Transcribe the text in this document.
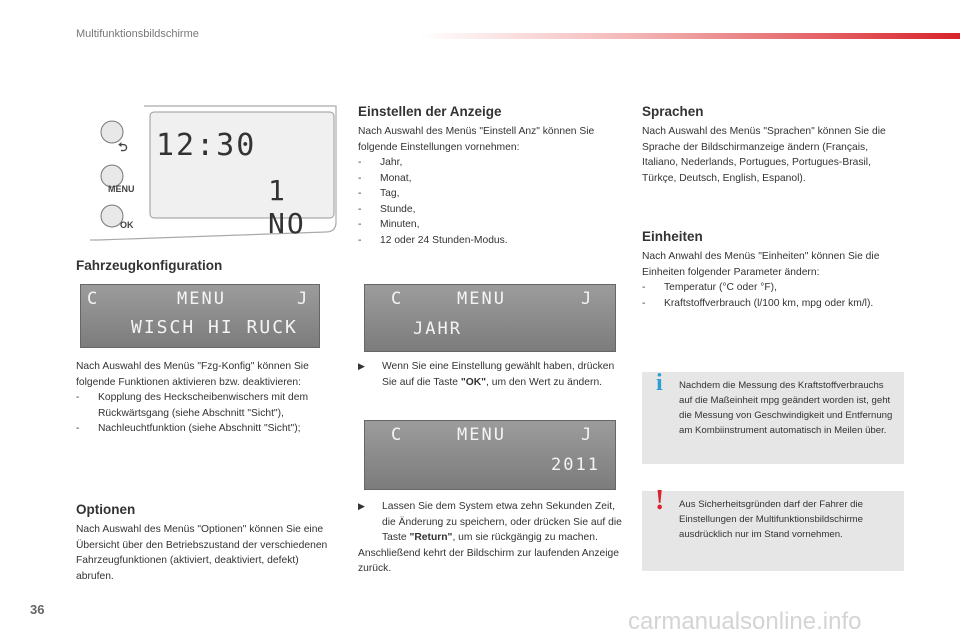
Multifunktionsbildschirme
⮌
MENU
OK
12:30
1 NO
Fahrzeugkonfiguration
C	MENU	J
WISCH HI RUCK
Nach Auswahl des Menüs "Fzg-Konfig" können Sie folgende Funktionen aktivieren bzw. deaktivieren:
- Kopplung des Heckscheibenwischers mit dem Rückwärtsgang (siehe Abschnitt "Sicht"),
- Nachleuchtfunktion (siehe Abschnitt "Sicht");
Optionen
Nach Auswahl des Menüs "Optionen" können Sie eine Übersicht über den Betriebszustand der verschiedenen Fahrzeugfunktionen (aktiviert, deaktiviert, defekt) abrufen.
Einstellen der Anzeige
Nach Auswahl des Menüs "Einstell Anz" können Sie folgende Einstellungen vornehmen:
- Jahr,
- Monat,
- Tag,
- Stunde,
- Minuten,
- 12 oder 24 Stunden-Modus.
C	MENU	J
JAHR
▶ Wenn Sie eine Einstellung gewählt haben, drücken Sie auf die Taste "OK", um den Wert zu ändern.
C	MENU	J
2011
▶ Lassen Sie dem System etwa zehn Sekunden Zeit, die Änderung zu speichern, oder drücken Sie auf die Taste "Return", um sie rückgängig zu machen.
Anschließend kehrt der Bildschirm zur laufenden Anzeige zurück.
Sprachen
Nach Auswahl des Menüs "Sprachen" können Sie die Sprache der Bildschirmanzeige ändern (Français, Italiano, Nederlands, Portugues, Portugues-Brasil, Türkçe, Deutsch, English, Espanol).
Einheiten
Nach Anwahl des Menüs "Einheiten" können Sie die Einheiten folgender Parameter ändern:
- Temperatur (°C oder °F),
- Kraftstoffverbrauch (l/100 km, mpg oder km/l).
i Nachdem die Messung des Kraftstoffverbrauchs auf die Maßeinheit mpg geändert worden ist, geht die Messung von Geschwindigkeit und Entfernung am Kombiinstrument automatisch in Meilen über.
! Aus Sicherheitsgründen darf der Fahrer die Einstellungen der Multifunktionsbildschirme ausdrücklich nur im Stand vornehmen.
36	carmanualsonline.info
